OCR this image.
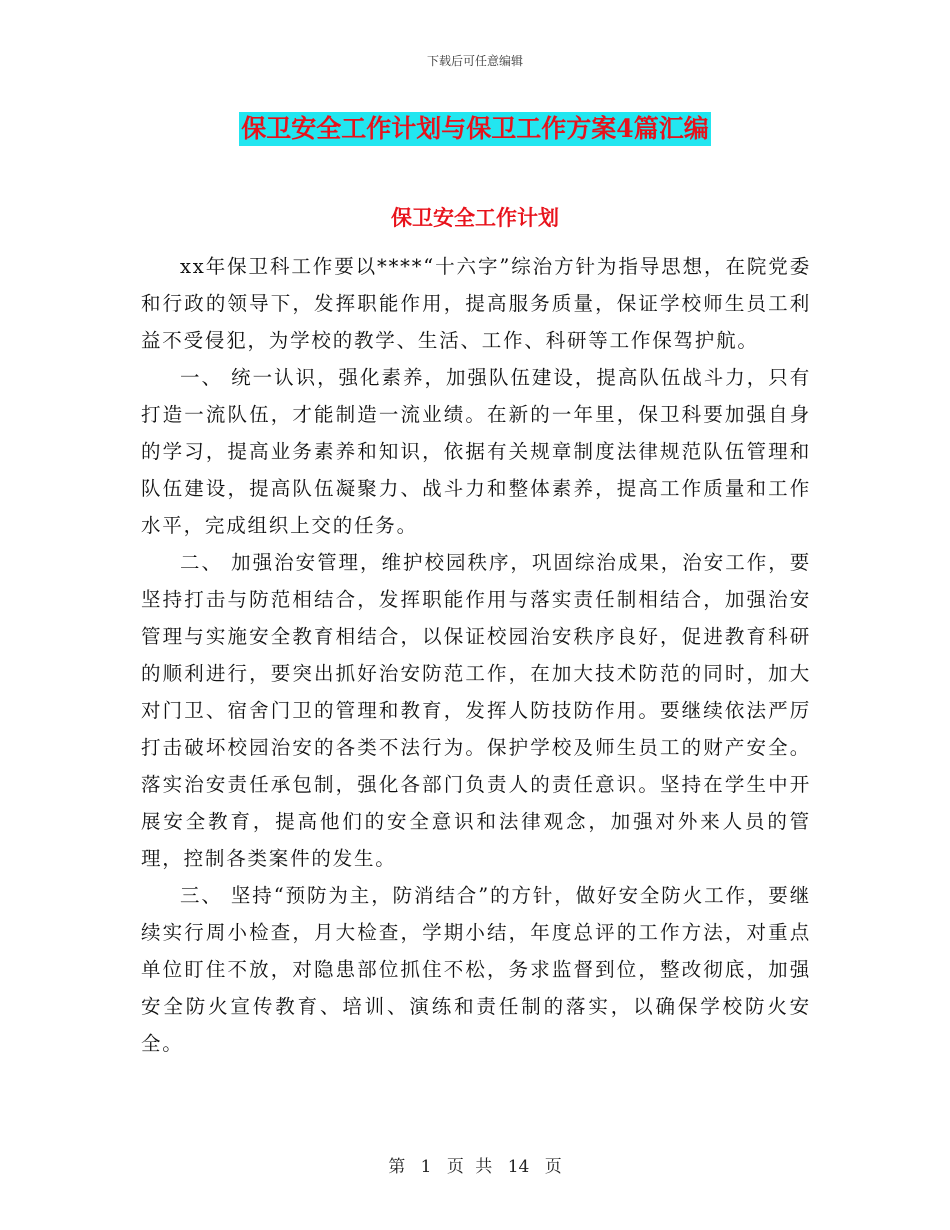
下载后可任意编辑
保卫安全工作计划与保卫工作方案4篇汇编
保卫安全工作计划

xx年保卫科工作要以****“十六字”综治方针为指导思想，在院党委和行政的领导下，发挥职能作用，提高服务质量，保证学校师生员工利益不受侵犯，为学校的教学、生活、工作、科研等工作保驾护航。

一、 统一认识，强化素养，加强队伍建设，提高队伍战斗力，只有打造一流队伍，才能制造一流业绩。在新的一年里，保卫科要加强自身的学习，提高业务素养和知识，依据有关规章制度法律规范队伍管理和队伍建设，提高队伍凝聚力、战斗力和整体素养，提高工作质量和工作水平，完成组织上交的任务。

二、 加强治安管理，维护校园秩序，巩固综治成果，治安工作，要坚持打击与防范相结合，发挥职能作用与落实责任制相结合，加强治安管理与实施安全教育相结合，以保证校园治安秩序良好，促进教育科研的顺利进行，要突出抓好治安防范工作，在加大技术防范的同时，加大对门卫、宿舍门卫的管理和教育，发挥人防技防作用。要继续依法严厉打击破坏校园治安的各类不法行为。保护学校及师生员工的财产安全。落实治安责任承包制，强化各部门负责人的责任意识。坚持在学生中开展安全教育，提高他们的安全意识和法律观念，加强对外来人员的管理，控制各类案件的发生。

三、 坚持“预防为主，防消结合”的方针，做好安全防火工作，要继续实行周小检查，月大检查，学期小结，年度总评的工作方法，对重点单位盯住不放，对隐患部位抓住不松，务求监督到位，整改彻底，加强安全防火宣传教育、培训、演练和责任制的落实，以确保学校防火安全。

第 1 页 共 14 页
